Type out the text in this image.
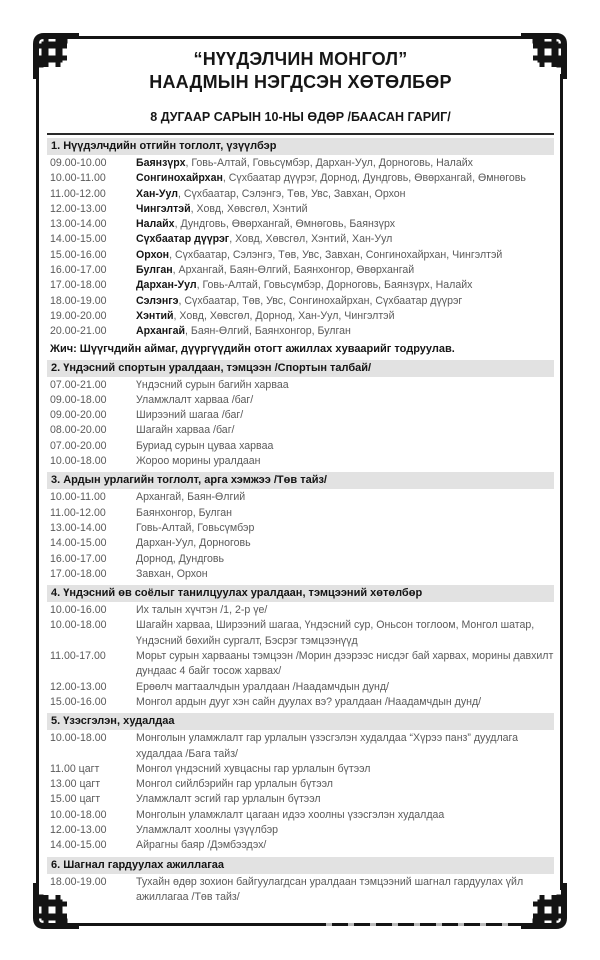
“НҮҮДЭЛЧИН МОНГОЛ”
НААДМЫН НЭГДСЭН ХӨТӨЛБӨР
8 ДУГААР САРЫН 10-НЫ ӨДӨР /БААСАН ГАРИГ/
1. Нүүдэлчдийн отгийн тоглолт, үзүүлбэр
09.00-10.00	Баянзүрх, Говь-Алтай, Говьсүмбэр, Дархан-Уул, Дорноговь, Налайх
10.00-11.00	Сонгинохайрхан, Сүхбаатар дүүрэг, Дорнод, Дундговь, Өвөрхангай, Өмнөговь
11.00-12.00	Хан-Уул, Сүхбаатар, Сэлэнгэ, Төв, Увс, Завхан, Орхон
12.00-13.00	Чингэлтэй, Ховд, Хөвсгөл, Хэнтий
13.00-14.00	Налайх, Дундговь, Өвөрхангай, Өмнөговь, Баянзүрх
14.00-15.00	Сүхбаатар дүүрэг, Ховд, Хөвсгөл, Хэнтий, Хан-Уул
15.00-16.00	Орхон, Сүхбаатар, Сэлэнгэ, Төв, Увс, Завхан, Сонгинохайрхан, Чингэлтэй
16.00-17.00	Булган, Архангай, Баян-Өлгий, Баянхонгор, Өвөрхангай
17.00-18.00	Дархан-Уул, Говь-Алтай, Говьсүмбэр, Дорноговь, Баянзүрх, Налайх
18.00-19.00	Сэлэнгэ, Сүхбаатар, Төв, Увс, Сонгинохайрхан, Сүхбаатар дүүрэг
19.00-20.00	Хэнтий, Ховд, Хөвсгөл, Дорнод, Хан-Уул, Чингэлтэй
20.00-21.00	Архангай, Баян-Өлгий, Баянхонгор, Булган
Жич: Шүүгчдийн аймаг, дүүргүүдийн отогт ажиллах хуваарийг тодруулав.
2. Үндэсний спортын уралдаан, тэмцээн /Спортын талбай/
07.00-21.00	Үндэсний сурын багийн харваа
09.00-18.00	Уламжлалт харваа /баг/
09.00-20.00	Ширээний шагаа /баг/
08.00-20.00	Шагайн харваа /баг/
07.00-20.00	Буриад сурын цуваа харваа
10.00-18.00	Жороо морины уралдаан
3. Ардын урлагийн тоглолт, арга хэмжээ /Төв тайз/
10.00-11.00	Архангай, Баян-Өлгий
11.00-12.00	Баянхонгор, Булган
13.00-14.00	Говь-Алтай, Говьсүмбэр
14.00-15.00	Дархан-Уул, Дорноговь
16.00-17.00	Дорнод, Дундговь
17.00-18.00	Завхан, Орхон
4. Үндэсний өв соёлыг танилцуулах уралдаан, тэмцээний хөтөлбөр
10.00-16.00	Их талын хүчтэн /1, 2-р үе/
10.00-18.00	Шагайн харваа, Ширээний шагаа, Үндэсний сур, Оньсон тоглоом, Монгол шатар, Үндэсний бөхийн сургалт, Бэсрэг тэмцээнүүд
11.00-17.00	Морьт сурын харвааны тэмцээн /Морин дээрээс нисдэг бай харвах, морины давхилт дундаас 4 байг тосож харвах/
12.00-13.00	Ерөөлч магтаалчдын уралдаан /Наадамчдын дунд/
15.00-16.00	Монгол ардын дууг хэн сайн дуулах вэ? уралдаан /Наадамчдын дунд/
5. Үзэсгэлэн, худалдаа
10.00-18.00	Монголын уламжлалт гар урлалын үзэсгэлэн худалдаа “Хүрээ панз” дуудлага худалдаа /Бага тайз/
11.00 цагт	Монгол үндэсний хувцасны гар урлалын бүтээл
13.00 цагт	Монгол сийлбэрийн гар урлалын бүтээл
15.00 цагт	Уламжлалт эсгий гар урлалын бүтээл
10.00-18.00	Монголын уламжлалт цагаан идээ хоолны үзэсгэлэн худалдаа
12.00-13.00	Уламжлалт хоолны үзүүлбэр
14.00-15.00	Айрагны баяр /Дэмбээдэх/
6. Шагнал гардуулах ажиллагаа
18.00-19.00	Тухайн өдөр зохион байгуулагдсан уралдаан тэмцээний шагнал гардуулах үйл ажиллагаа /Төв тайз/
